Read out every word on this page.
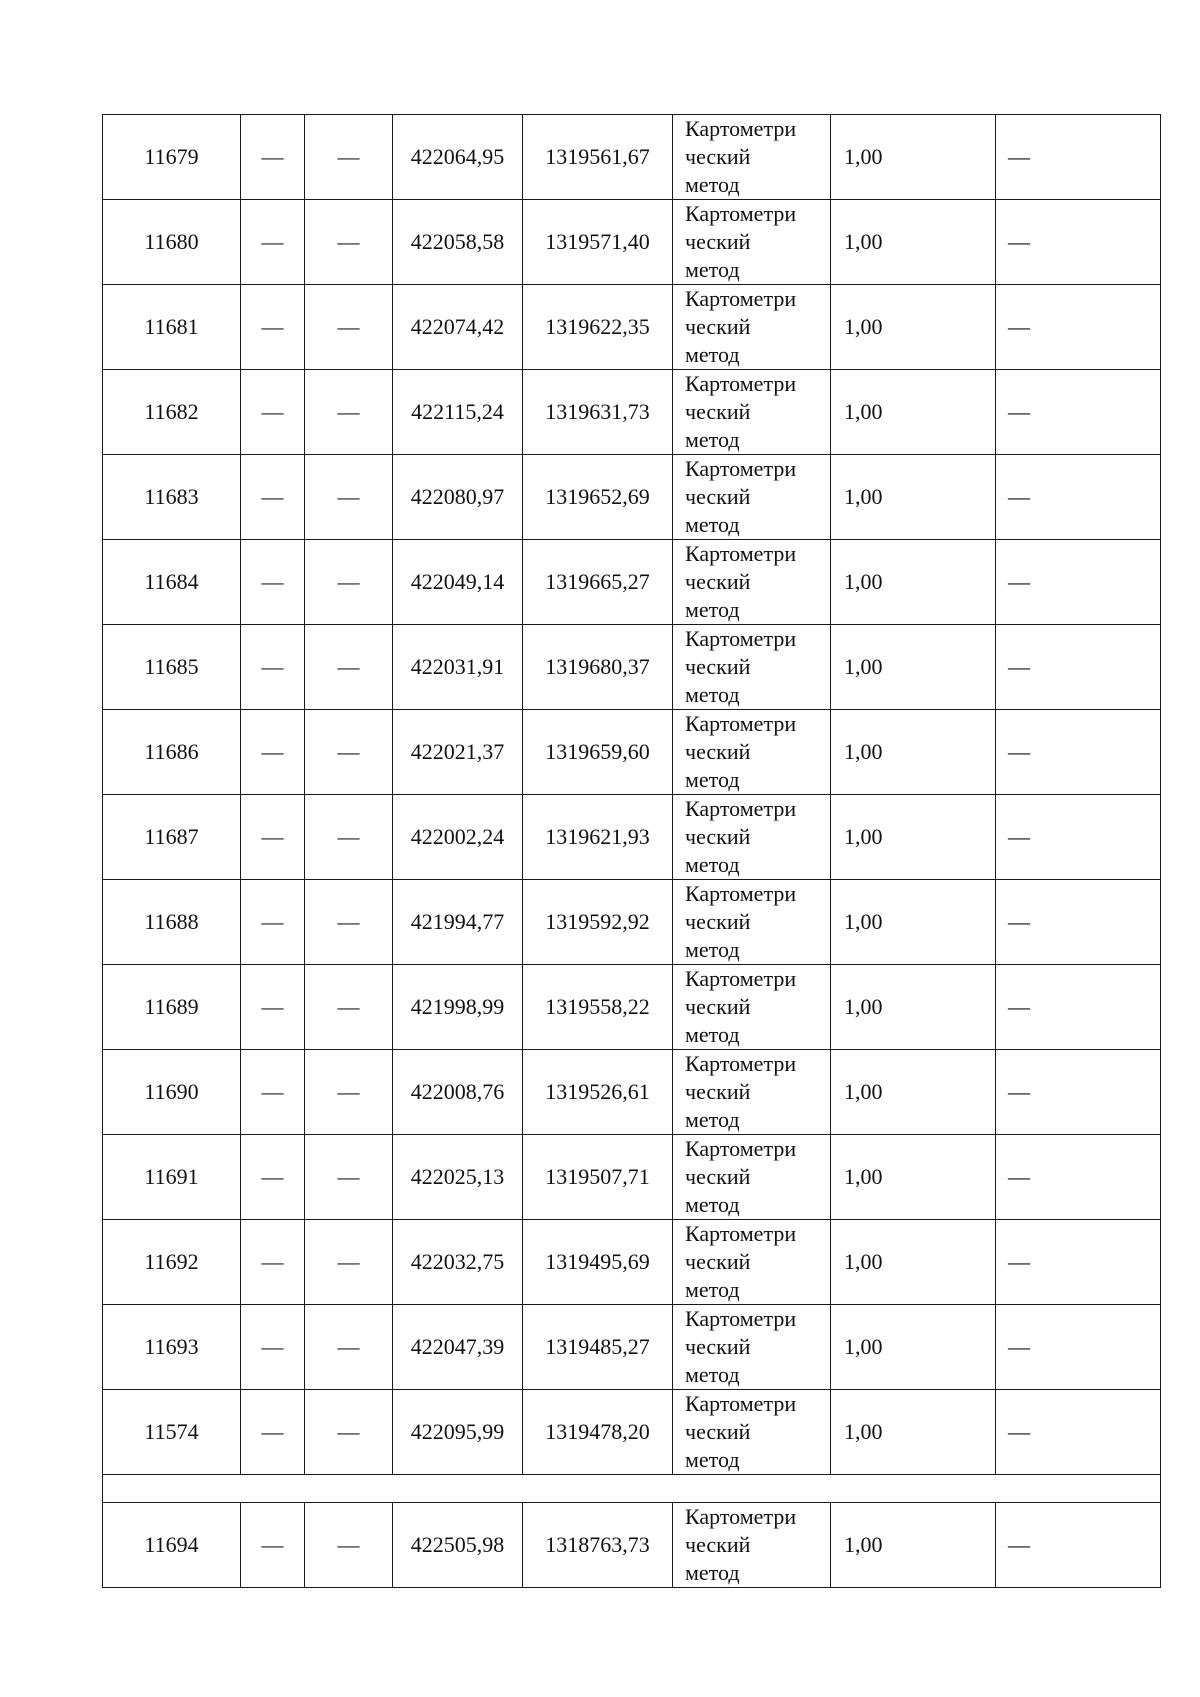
11679	—	—	422064,95	1319561,67	Картометри
ческий
метод	1,00	—
11680	—	—	422058,58	1319571,40	Картометри
ческий
метод	1,00	—
11681	—	—	422074,42	1319622,35	Картометри
ческий
метод	1,00	—
11682	—	—	422115,24	1319631,73	Картометри
ческий
метод	1,00	—
11683	—	—	422080,97	1319652,69	Картометри
ческий
метод	1,00	—
11684	—	—	422049,14	1319665,27	Картометри
ческий
метод	1,00	—
11685	—	—	422031,91	1319680,37	Картометри
ческий
метод	1,00	—
11686	—	—	422021,37	1319659,60	Картометри
ческий
метод	1,00	—
11687	—	—	422002,24	1319621,93	Картометри
ческий
метод	1,00	—
11688	—	—	421994,77	1319592,92	Картометри
ческий
метод	1,00	—
11689	—	—	421998,99	1319558,22	Картометри
ческий
метод	1,00	—
11690	—	—	422008,76	1319526,61	Картометри
ческий
метод	1,00	—
11691	—	—	422025,13	1319507,71	Картометри
ческий
метод	1,00	—
11692	—	—	422032,75	1319495,69	Картометри
ческий
метод	1,00	—
11693	—	—	422047,39	1319485,27	Картометри
ческий
метод	1,00	—
11574	—	—	422095,99	1319478,20	Картометри
ческий
метод	1,00	—

11694	—	—	422505,98	1318763,73	Картометри
ческий
метод	1,00	—
